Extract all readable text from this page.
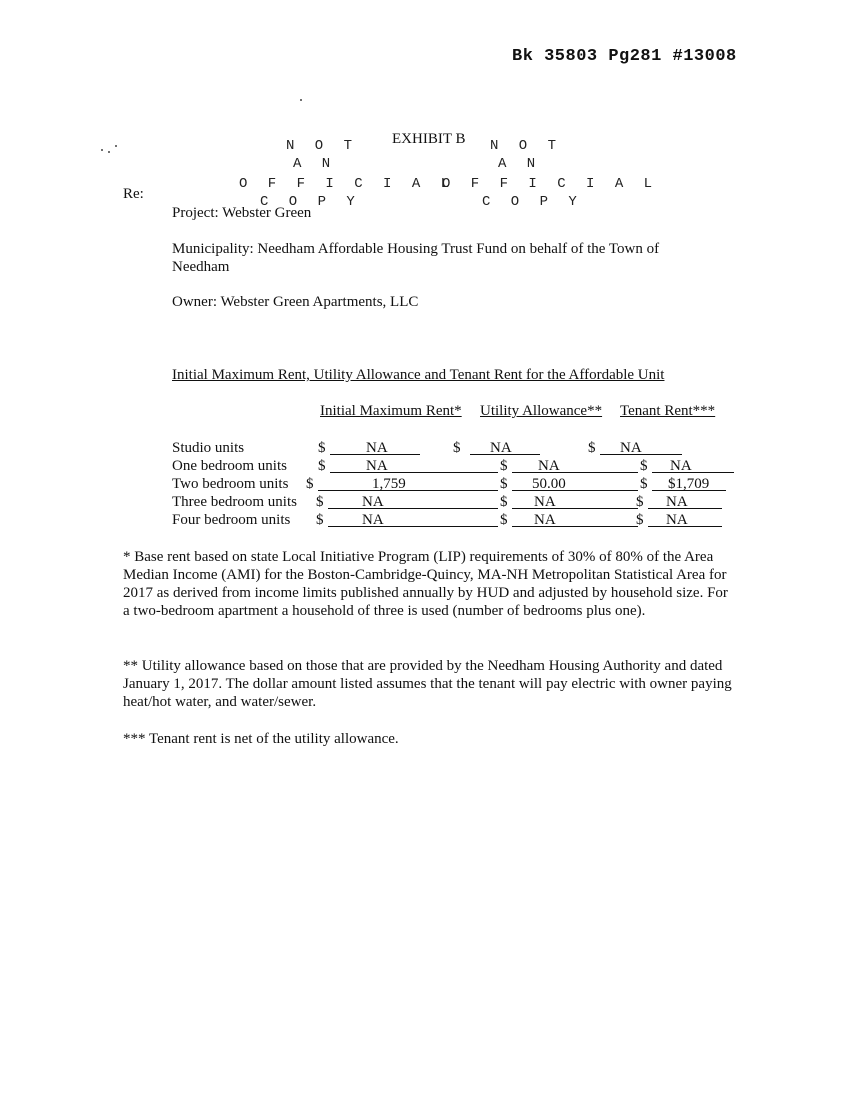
Bk 35803 Pg281 #13008
EXHIBIT B
N O T
A N
O F F I C I A L
C O P Y
N O T
A N
O F F I C I A L
C O P Y
Re:
Project: Webster Green
Municipality: Needham Affordable Housing Trust Fund on behalf of the Town of Needham
Owner: Webster Green Apartments, LLC
Initial Maximum Rent, Utility Allowance and Tenant Rent for the Affordable Unit
Initial Maximum Rent* Utility Allowance** Tenant Rent***
Studio units	$	NA	$ NA	$ NA
One bedroom units $	NA	$ NA	$ NA
Two bedroom units $	1,759	$ 50.00	$ $1,709
Three bedroom units $	NA	$ NA	$ NA
Four bedroom units $	NA	$ NA	$ NA
* Base rent based on state Local Initiative Program (LIP) requirements of 30% of 80% of the Area Median Income (AMI) for the Boston-Cambridge-Quincy, MA-NH Metropolitan Statistical Area for 2017 as derived from income limits published annually by HUD and adjusted by household size. For a two-bedroom apartment a household of three is used (number of bedrooms plus one).
** Utility allowance based on those that are provided by the Needham Housing Authority and dated January 1, 2017. The dollar amount listed assumes that the tenant will pay electric with owner paying heat/hot water, and water/sewer.
*** Tenant rent is net of the utility allowance.
